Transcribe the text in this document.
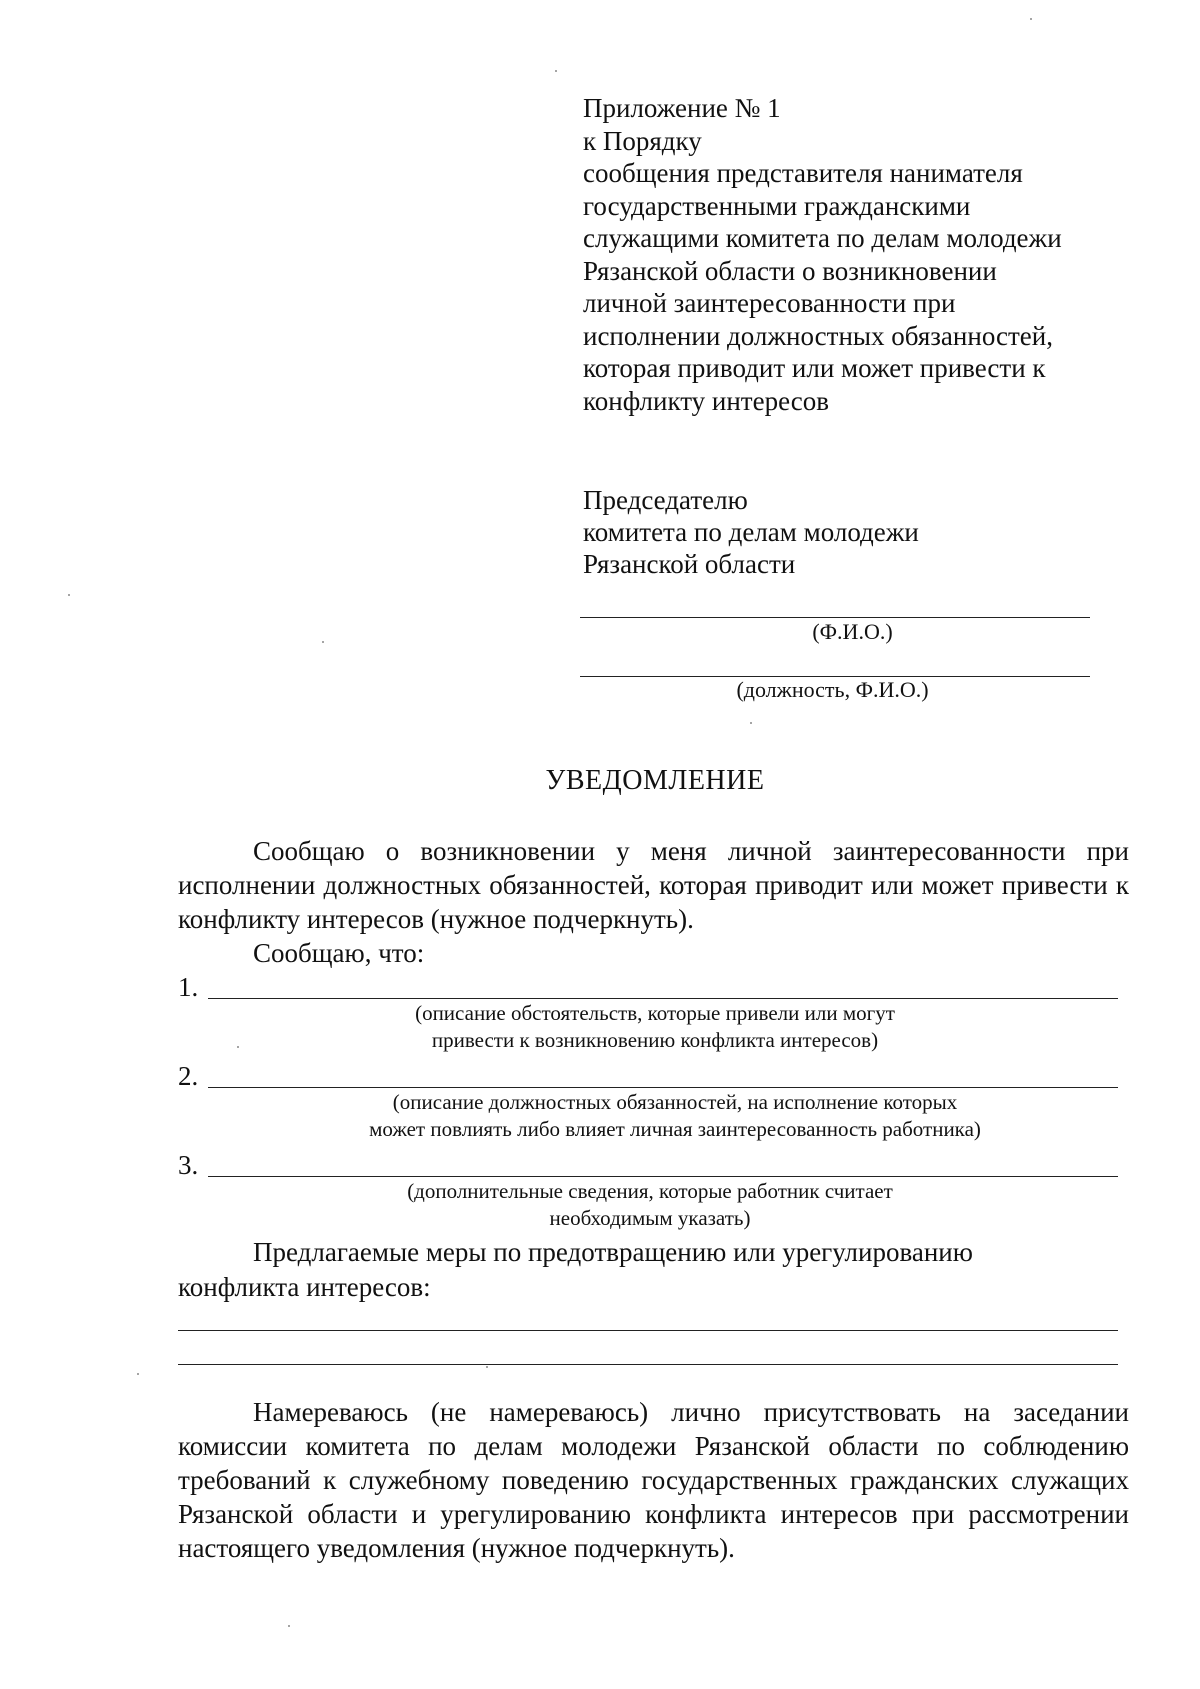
Приложение № 1
к Порядку
сообщения представителя нанимателя
государственными гражданскими
служащими комитета по делам молодежи
Рязанской области о возникновении
личной заинтересованности при
исполнении должностных обязанностей,
которая приводит или может привести к
конфликту интересов
Председателю
комитета по делам молодежи
Рязанской области
(Ф.И.О.)
(должность, Ф.И.О.)
УВЕДОМЛЕНИЕ
Сообщаю о возникновении у меня личной заинтересованности при исполнении должностных обязанностей, которая приводит или может привести к конфликту интересов (нужное подчеркнуть).
Сообщаю, что:
1.
(описание обстоятельств, которые привели или могут
привести к возникновению конфликта интересов)
2.
(описание должностных обязанностей, на исполнение которых
может повлиять либо влияет личная заинтересованность работника)
3.
(дополнительные сведения, которые работник считает
необходимым указать)
Предлагаемые меры по предотвращению или урегулированию
конфликта интересов:
Намереваюсь (не намереваюсь) лично присутствовать на заседании комиссии комитета по делам молодежи Рязанской области по соблюдению требований к служебному поведению государственных гражданских служащих Рязанской области и урегулированию конфликта интересов при рассмотрении настоящего уведомления (нужное подчеркнуть).
